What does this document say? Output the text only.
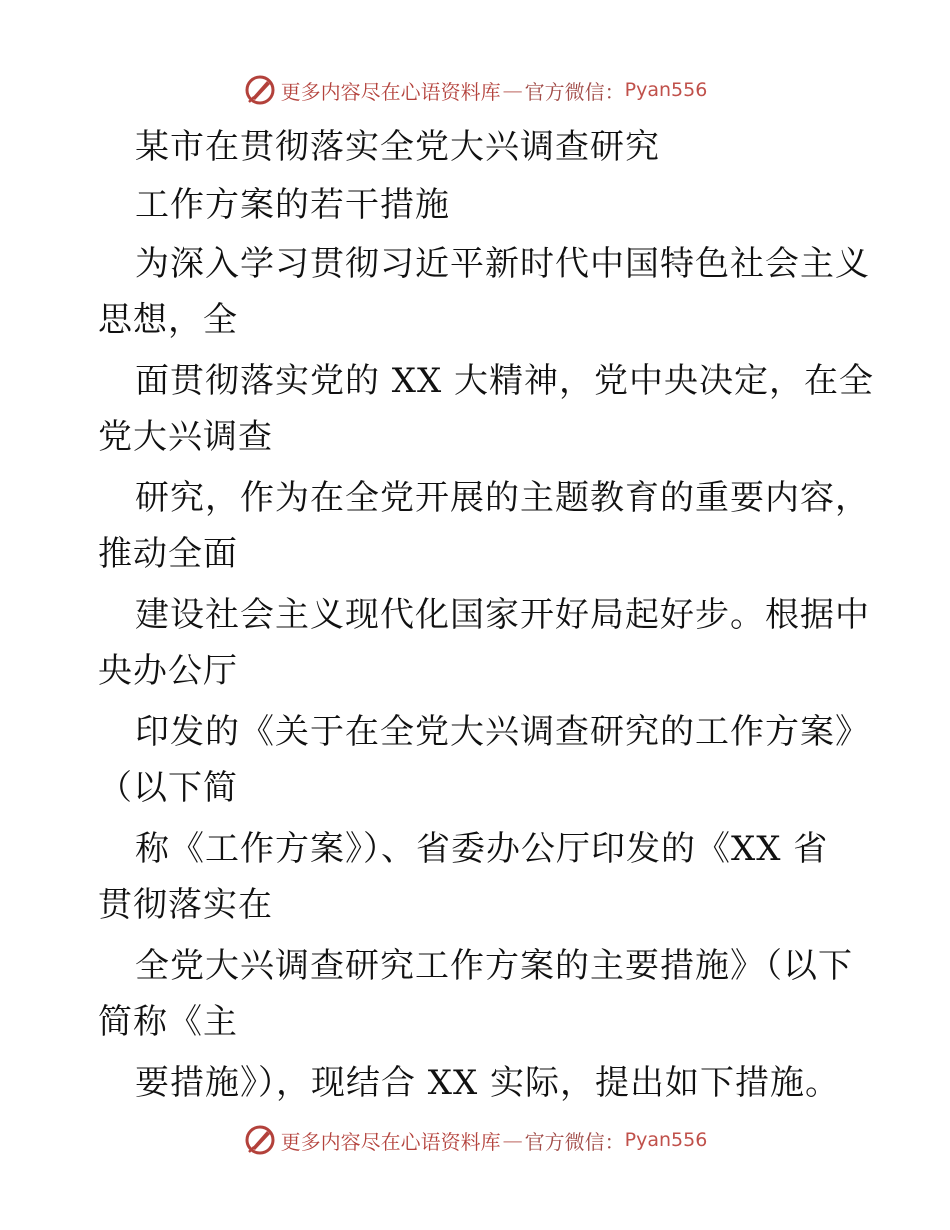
更多内容尽在心语资料库 — 官方微信： Pyan556
某市在贯彻落实全党大兴调查研究
工作方案的若干措施
为深入学习贯彻习近平新时代中国特色社会主义
思想，全
面贯彻落实党的 XX 大精神，党中央决定，在全
党大兴调查
研究，作为在全党开展的主题教育的重要内容，
推动全面
建设社会主义现代化国家开好局起好步。根据中
央办公厅
印发的《关于在全党大兴调查研究的工作方案》
（以下简
称《工作方案》）、省委办公厅印发的《XX 省
贯彻落实在
全党大兴调查研究工作方案的主要措施》（以下
简称《主
要措施》），现结合 XX 实际，提出如下措施。
更多内容尽在心语资料库 — 官方微信： Pyan556
